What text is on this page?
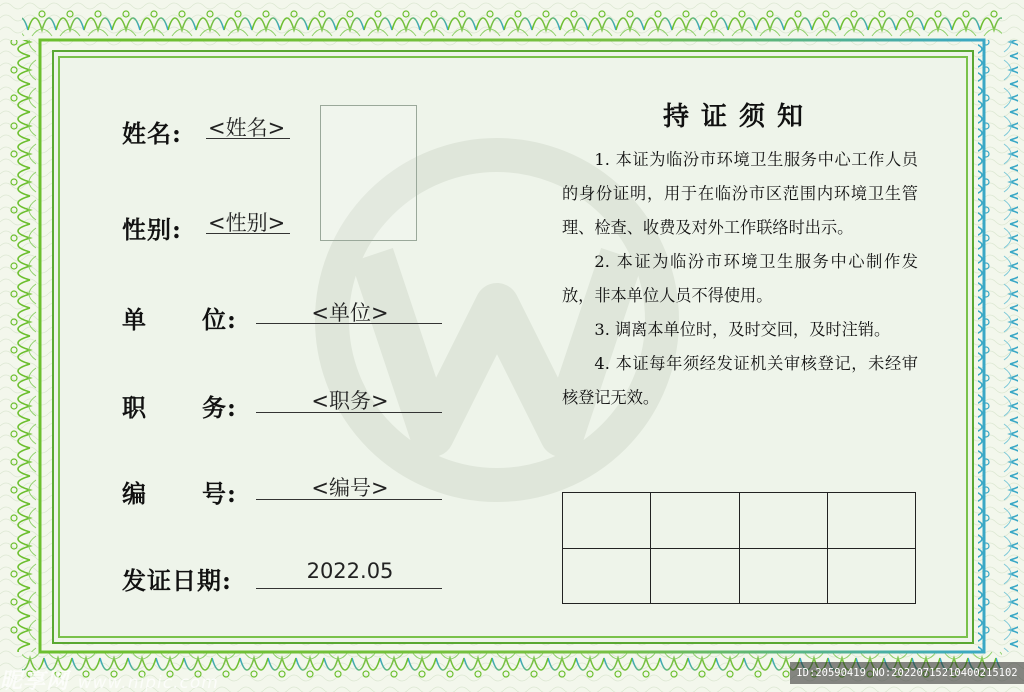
姓名: <姓名>
性别: <性别>
单 位:	<单位>
职 务:	<职务>
编 号:	<编号>
发证日期:	2022.05
持证须知

1. 本证为临汾市环境卫生服务中心工作人员的身份证明，用于在临汾市区范围内环境卫生管理、检查、收费及对外工作联络时出示。

2. 本证为临汾市环境卫生服务中心制作发放，非本单位人员不得使用。

3. 调离本单位时，及时交回，及时注销。

4. 本证每年须经发证机关审核登记，未经审核登记无效。

昵享网 www.nipic.com	ID:20590419 NO:20220715210400215102
